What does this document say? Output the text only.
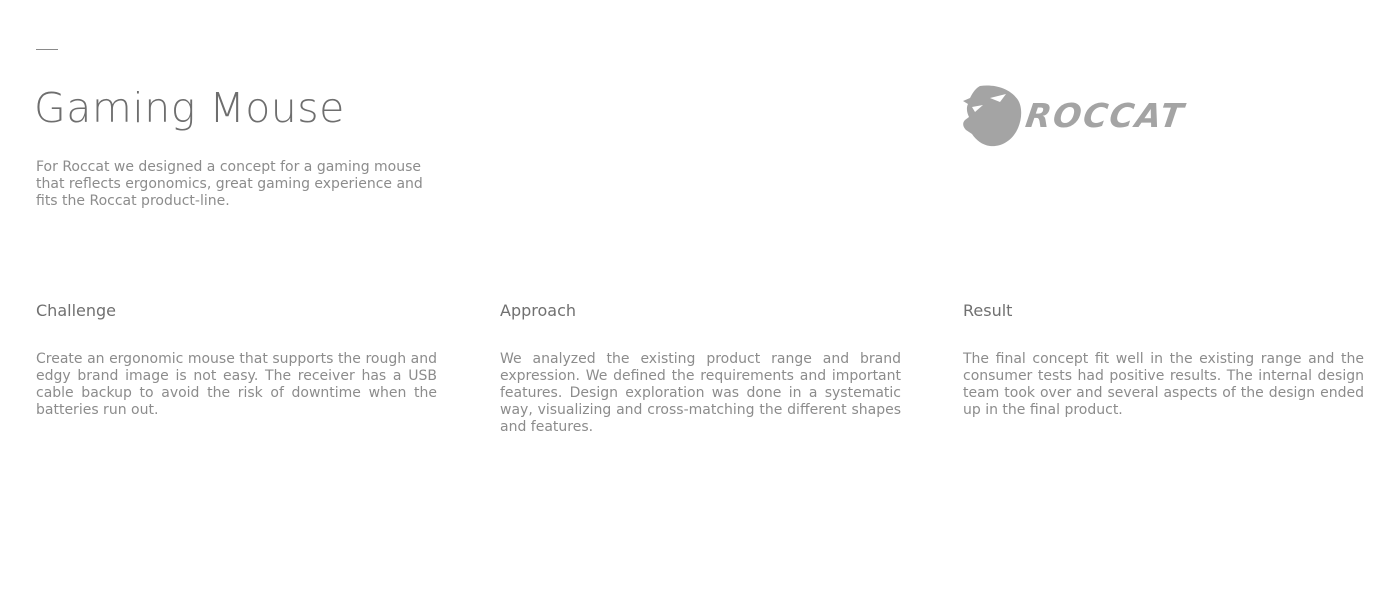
Gaming Mouse

For Roccat we designed a concept for a gaming mouse that reflects ergonomics, great gaming experience and fits the Roccat product-line.

ROCCAT
Challenge

Create an ergonomic mouse that supports the rough and edgy brand image is not easy. The receiver has a USB cable backup to avoid the risk of downtime when the batteries run out.

Approach

We analyzed the existing product range and brand expression. We defined the requirements and important features. Design exploration was done in a systematic way, visualizing and cross-matching the different shapes and features.

Result

The final concept fit well in the existing range and the consumer tests had positive results. The internal design team took over and several aspects of the design ended up in the final product.
